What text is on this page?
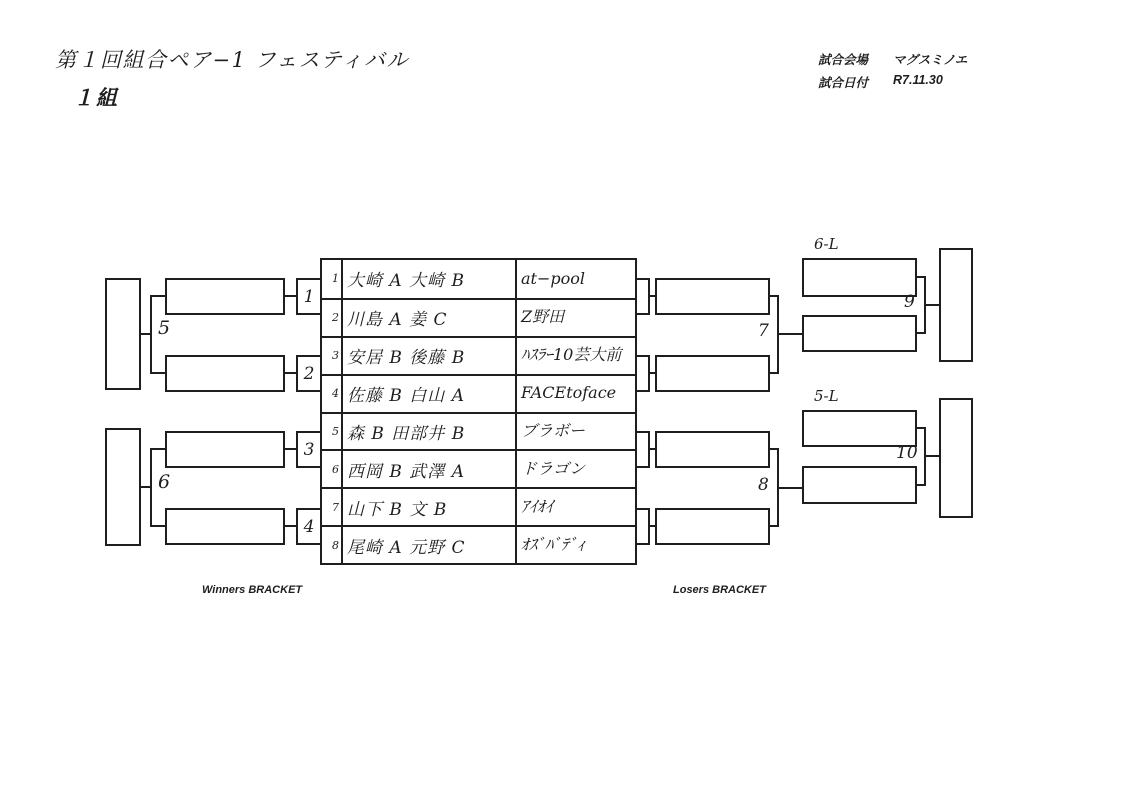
第１回組合ペア−1 フェスティバル
１組
試合会場 マグスミノエ
試合日付 R7.11.30
1 大崎 A 大崎 B	at−pool
2 川島 A 姜 C	Z野田
3 安居 B 後藤 B	ﾊｽﾗｰ10芸大前
4 佐藤 B 白山 A	FACEtoface
5 森 B 田部井 B	ブラボー
6 西岡 B 武澤 A	ドラゴン
7 山下 B 文 B	ｱｲｵｲ
8 尾崎 A 元野 C	ｵｽﾞﾊﾞﾃﾞｨ
5
6
1
2
3
4
7
8
6-L
9
5-L
10
Winners BRACKET	Losers BRACKET
